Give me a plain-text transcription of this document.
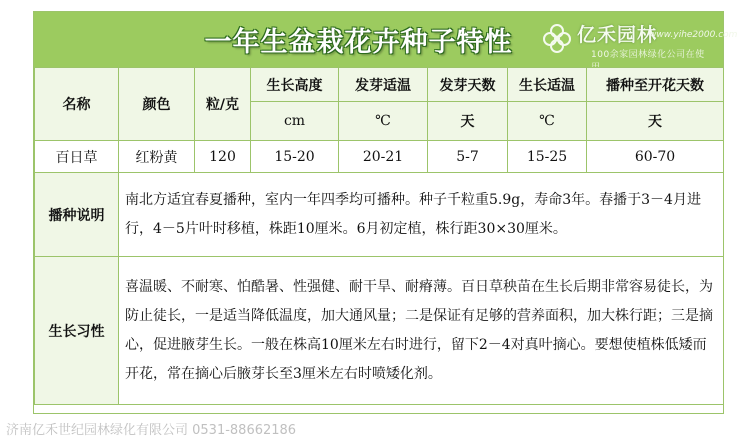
一年生盆栽花卉种子特性	亿禾园林
www.yihe2000.com
100余家园林绿化公司在使
名称	颜色	粒/克	生长高度	发芽适温	发芽天数	生长适温	播种至开花天数
			cm	℃	天	℃	天
百日草	红粉黄	120	15-20	20-21	5-7	15-25	60-70
播种说明	南北方适宜春夏播种，室内一年四季均可播种。种子千粒重5.9g，寿命3年。春播于3－4月进行，4－5片叶时移植，株距10厘米。6月初定植，株行距30×30厘米。						
生长习性	喜温暖、不耐寒、怕酷暑、性强健、耐干旱、耐瘠薄。百日草秧苗在生长后期非常容易徒长，为防止徒长，一是适当降低温度，加大通风量；二是保证有足够的营养面积，加大株行距；三是摘心，促进腋芽生长。一般在株高10厘米左右时进行，留下2－4对真叶摘心。要想使植株低矮而开花，常在摘心后腋芽长至3厘米左右时喷矮化剂。						
济南亿禾世纪园林绿化有限公司 0531-88662186
